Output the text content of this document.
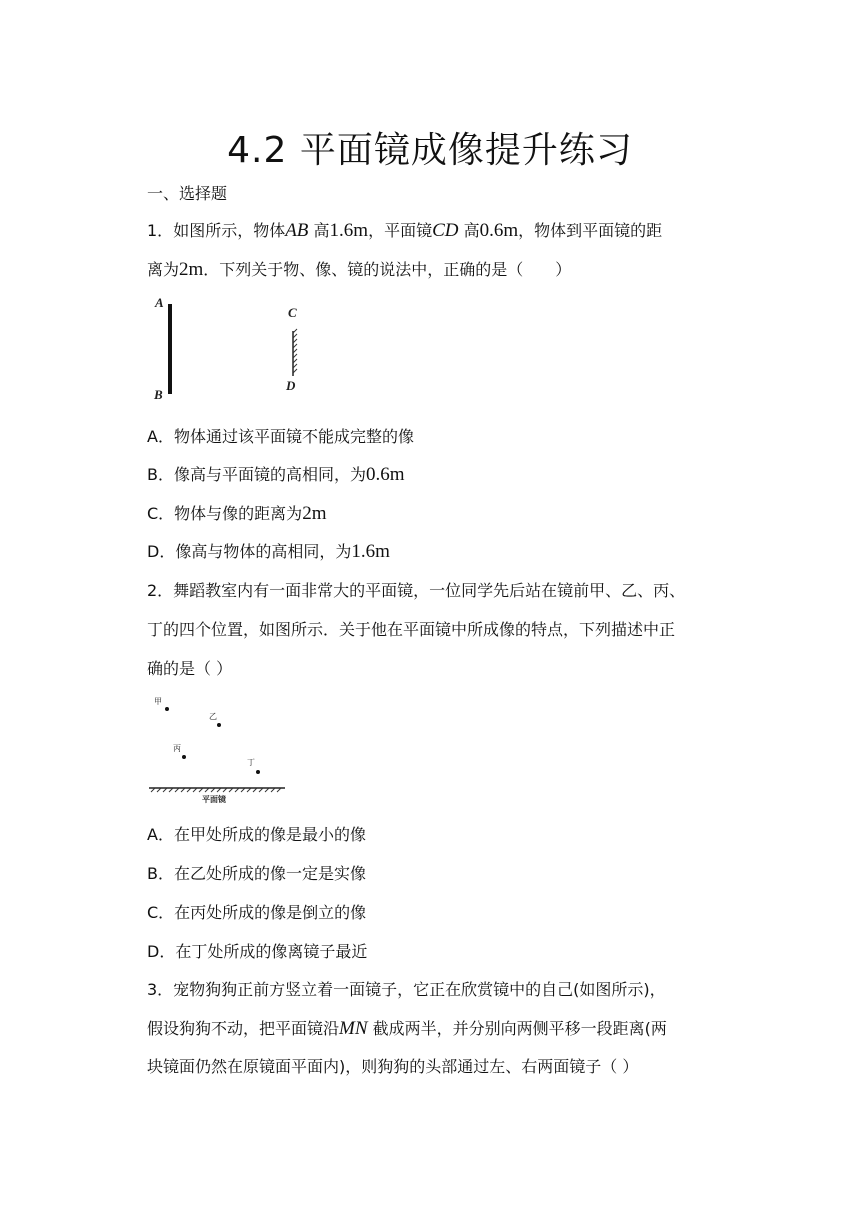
4.2 平面镜成像提升练习
一、选择题
1．如图所示，物体AB 高1.6m，平面镜CD 高0.6m，物体到平面镜的距
离为2m．下列关于物、像、镜的说法中，正确的是（　　）
A
B
C
D
A．物体通过该平面镜不能成完整的像
B．像高与平面镜的高相同，为0.6m
C．物体与像的距离为2m
D．像高与物体的高相同，为1.6m
2．舞蹈教室内有一面非常大的平面镜，一位同学先后站在镜前甲、乙、丙、
丁的四个位置，如图所示．关于他在平面镜中所成像的特点，下列描述中正
确的是（ ）
甲
乙
丙
丁
平面镜
A．在甲处所成的像是最小的像
B．在乙处所成的像一定是实像
C．在丙处所成的像是倒立的像
D．在丁处所成的像离镜子最近
3．宠物狗狗正前方竖立着一面镜子，它正在欣赏镜中的自己(如图所示)，
假设狗狗不动，把平面镜沿MN 截成两半，并分别向两侧平移一段距离(两
块镜面仍然在原镜面平面内)，则狗狗的头部通过左、右两面镜子（ ）
